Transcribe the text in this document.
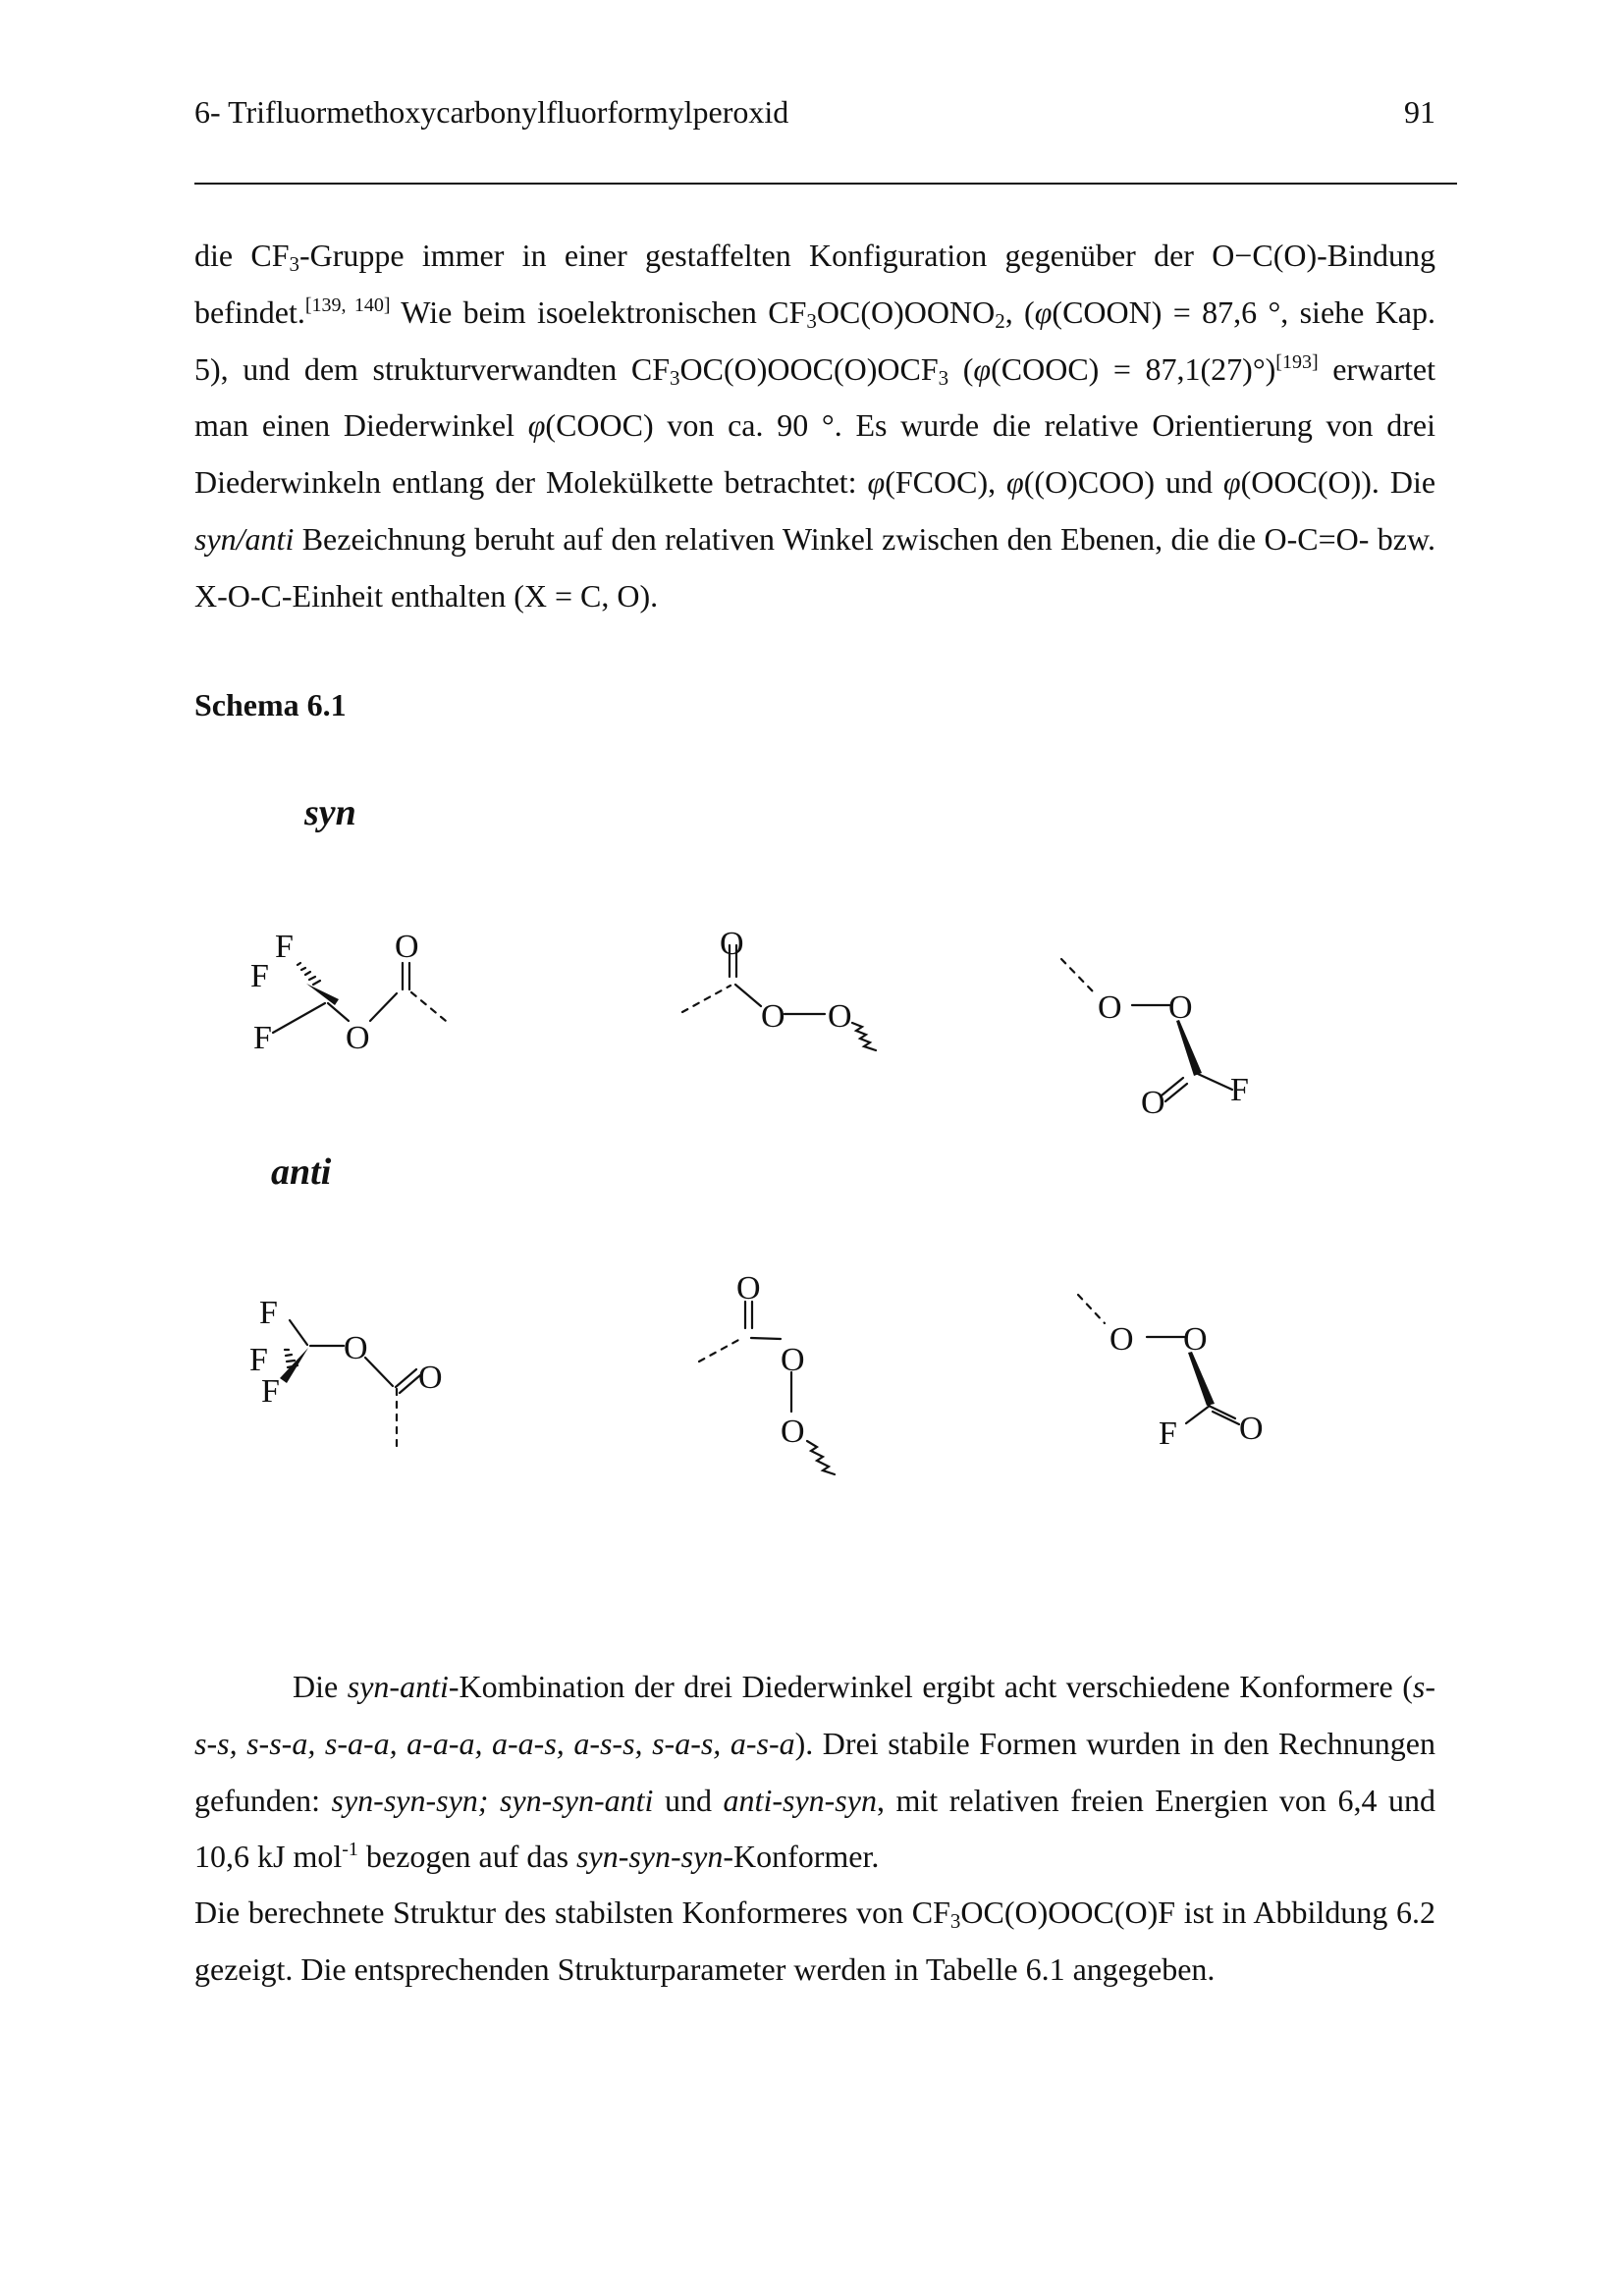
6- Trifluormethoxycarbonylfluorformylperoxid	91
die $CF_3$-Gruppe immer in einer gestaffelten Konfiguration gegenüber der O−C(O)-Bindung befindet.[139, 140] Wie beim isoelektronischen $CF_3OC(O)OONO_2$, (φ(COON) = 87,6 °, siehe Kap. 5), und dem strukturverwandten $CF_3OC(O)OOC(O)OCF_3$ (φ(COOC) = 87,1(27)°)[193] erwartet man einen Diederwinkel φ(COOC) von ca. 90 °. Es wurde die relative Orientierung von drei Diederwinkeln entlang der Molekülkette betrachtet: φ(FCOC), φ((O)COO) und φ(OOC(O)). Die syn/anti Bezeichnung beruht auf den relativen Winkel zwischen den Ebenen, die die O-C=O- bzw. X-O-C-Einheit enthalten (X = C, O).
Schema 6.1
syn
anti
F
F
F
O
O
O
O O	O O
O F
F
F
F
O
O
O
O
O
O O
F O
Die syn-anti-Kombination der drei Diederwinkel ergibt acht verschiedene Konformere (s-s-s, s-s-a, s-a-a, a-a-a, a-a-s, a-s-s, s-a-s, a-s-a). Drei stabile Formen wurden in den Rechnungen gefunden: syn-syn-syn; syn-syn-anti und anti-syn-syn, mit relativen freien Energien von 6,4 und 10,6 kJ mol$^{-1}$ bezogen auf das syn-syn-syn-Konformer.
Die berechnete Struktur des stabilsten Konformeres von $CF_3OC(O)OOC(O)F$ ist in Abbildung 6.2 gezeigt. Die entsprechenden Strukturparameter werden in Tabelle 6.1 angegeben.
